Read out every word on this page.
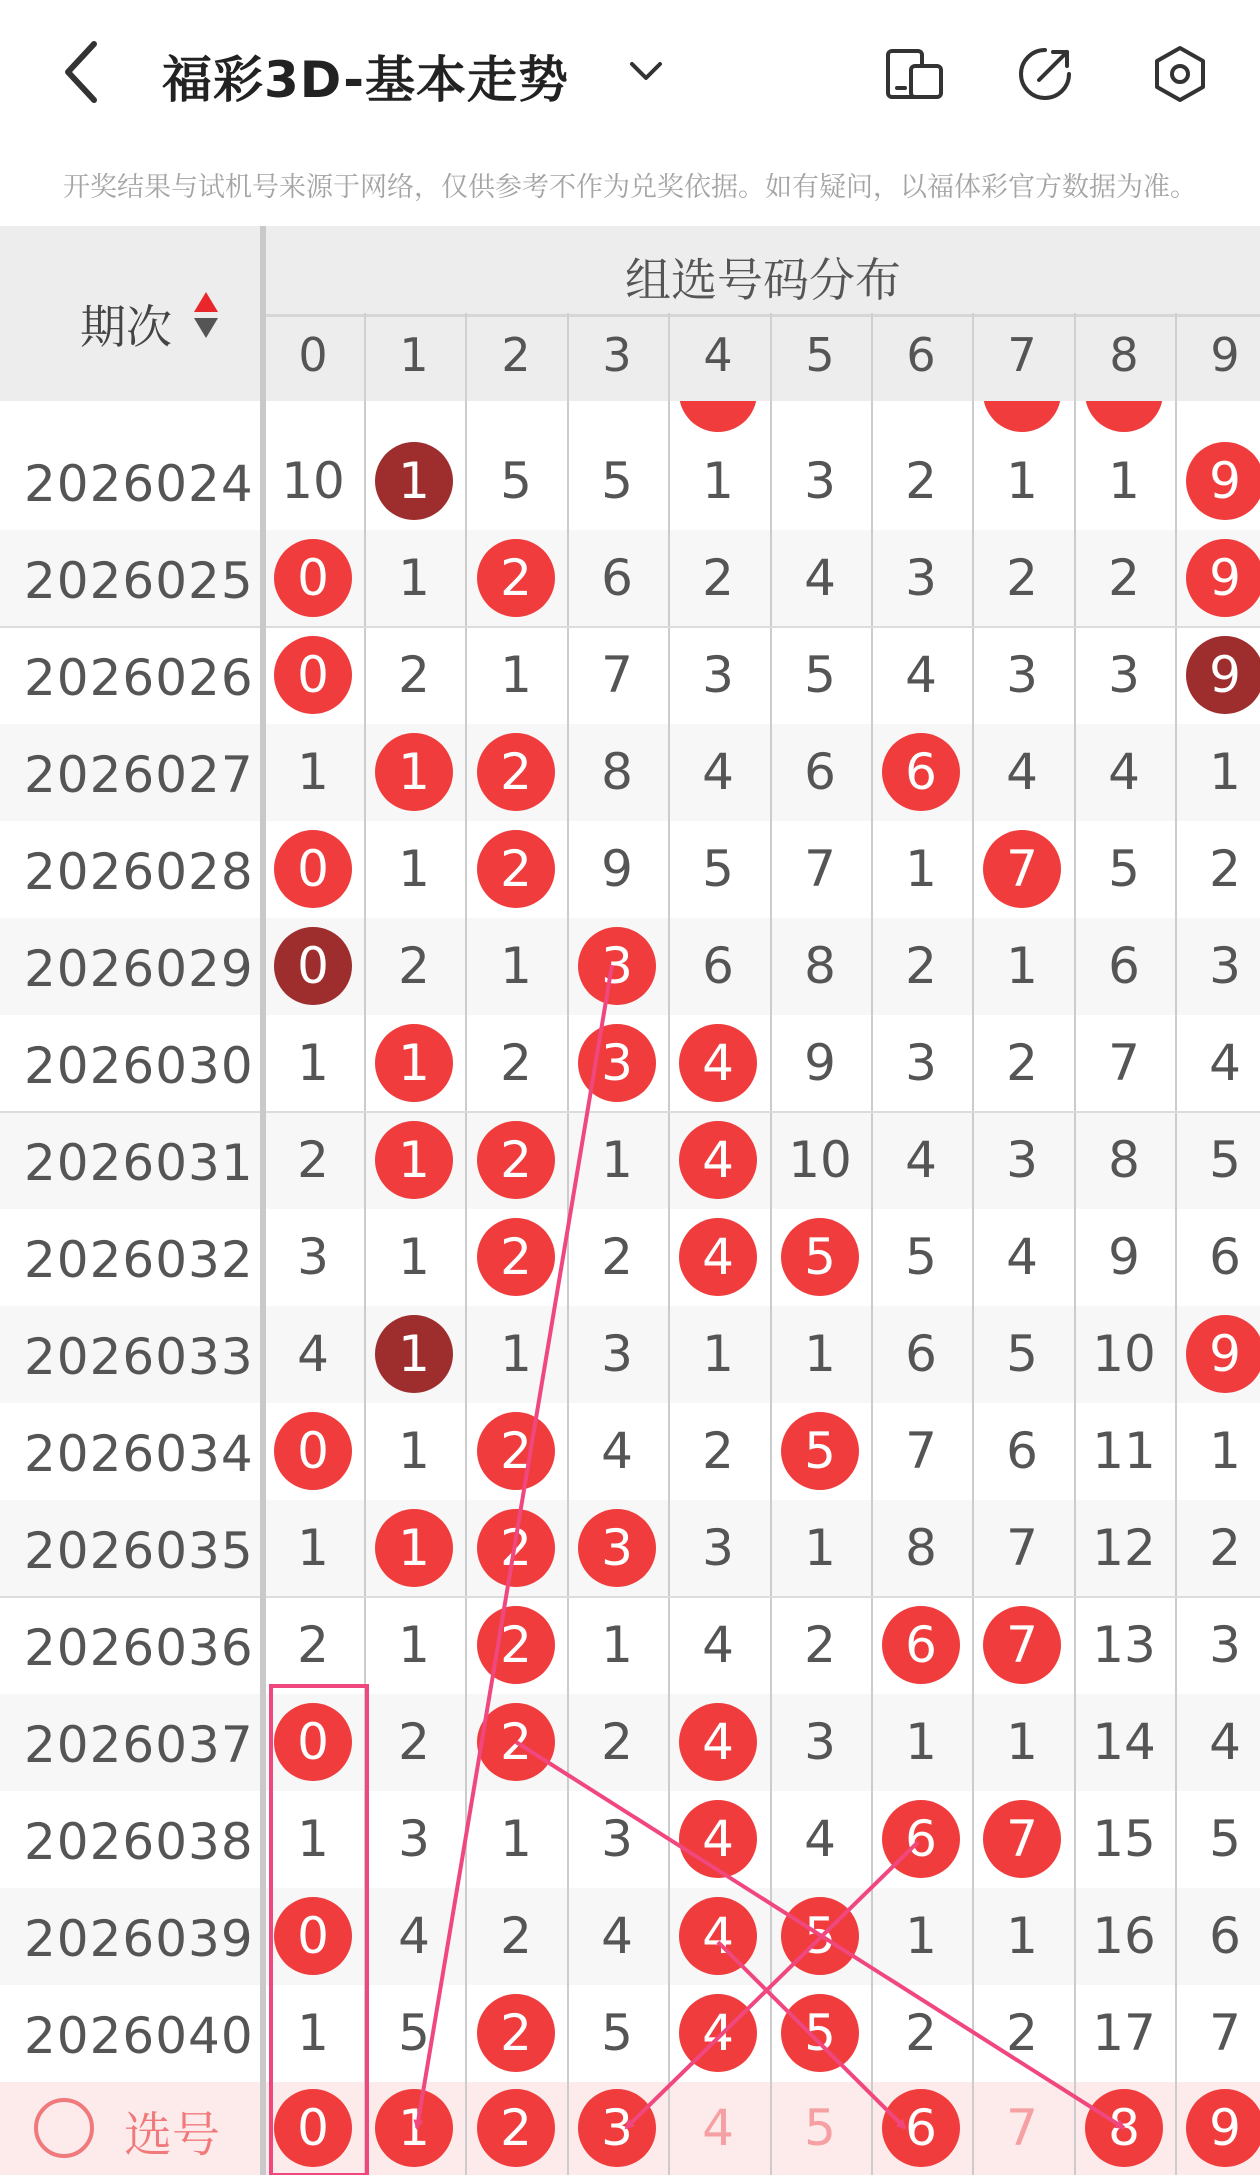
福彩3D-基本走势
开奖结果与试机号来源于网络，仅供参考不作为兑奖依据。如有疑问，以福体彩官方数据为准。
期次
组选号码分布
0	1	2	3	4	5	6	7	8	9
2026024 10	1	5	5	1	3	2	1	1	9
2026025 0	1	2	6	2	4	3	2	2	9
2026026 0	2	1	7	3	5	4	3	3	9
2026027 1	1	2	8	4	6	6	4	4	1
2026028 0	1	2	9	5	7	1	7	5	2
2026029 0	2	1	3	6	8	2	1	6	3
2026030 1	1	2	3	4	9	3	2	7	4
2026031 2	1	2	1	4	10	4	3	8	5
2026032 3	1	2	2	4	5	5	4	9	6
2026033 4	1	1	3	1	1	6	5	10	9
2026034 0	1	2	4	2	5	7	6	11	1
2026035 1	1	2	3	3	1	8	7	12	2
2026036 2	1	2	1	4	2	6	7	13	3
2026037 0	2	2	2	4	3	1	1	14	4
2026038 1	3	1	3	4	4	6	7	15	5
2026039 0	4	2	4	4	5	1	1	16	6
2026040 1	5	2	5	4	5	2	2	17	7
选号	0	1	2	3	4	5	6	7	8	9
